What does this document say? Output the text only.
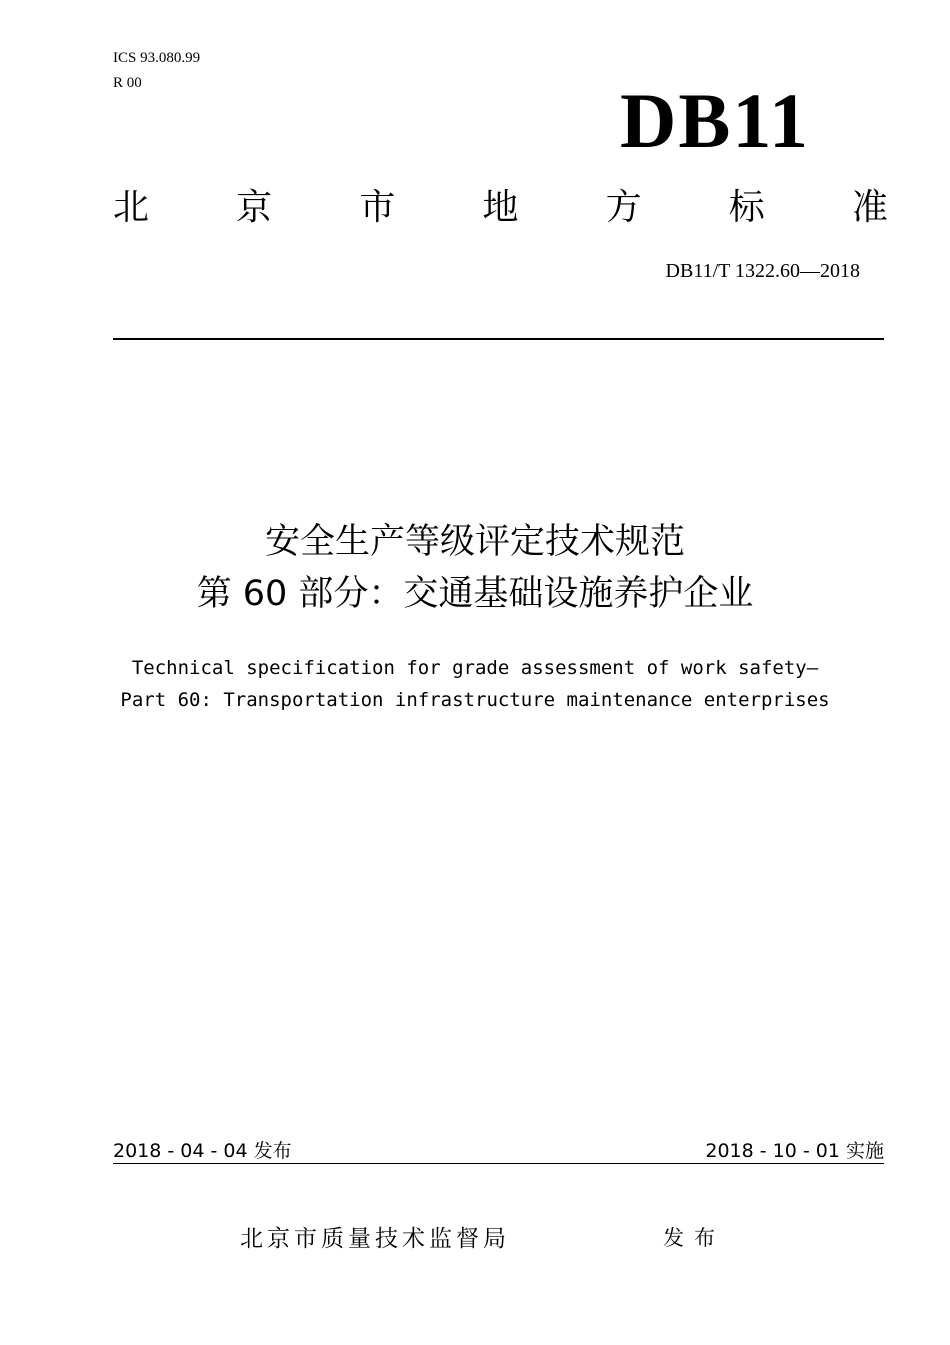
ICS 93.080.99
R 00	DB11
北 京 市 地 方 标 准
DB11/T 1322.60—2018
安全生产等级评定技术规范
第 60 部分：交通基础设施养护企业
Technical specification for grade assessment of work safety—
Part 60: Transportation infrastructure maintenance enterprises
2018 - 04 - 04 发布	2018 - 10 - 01 实施
北京市质量技术监督局	发布
